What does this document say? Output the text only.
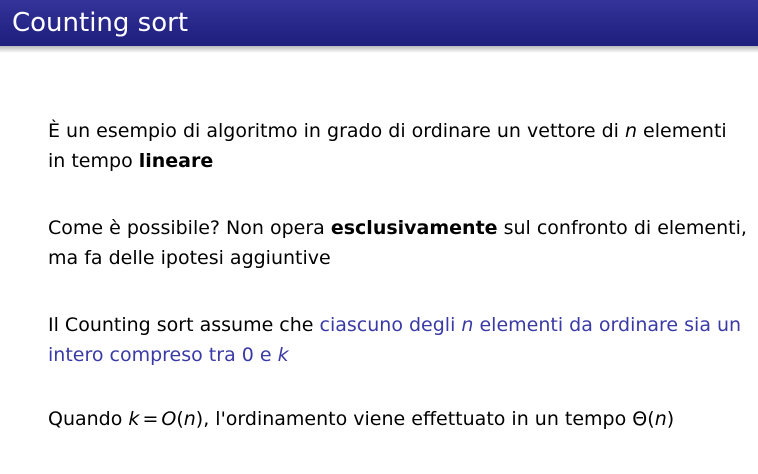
Counting sort

È un esempio di algoritmo in grado di ordinare un vettore di n elementi in tempo lineare

Come è possibile? Non opera esclusivamente sul confronto di elementi, ma fa delle ipotesi aggiuntive

Il Counting sort assume che ciascuno degli n elementi da ordinare sia un intero compreso tra 0 e k

Quando k = O(n), l'ordinamento viene effettuato in un tempo Θ(n)
